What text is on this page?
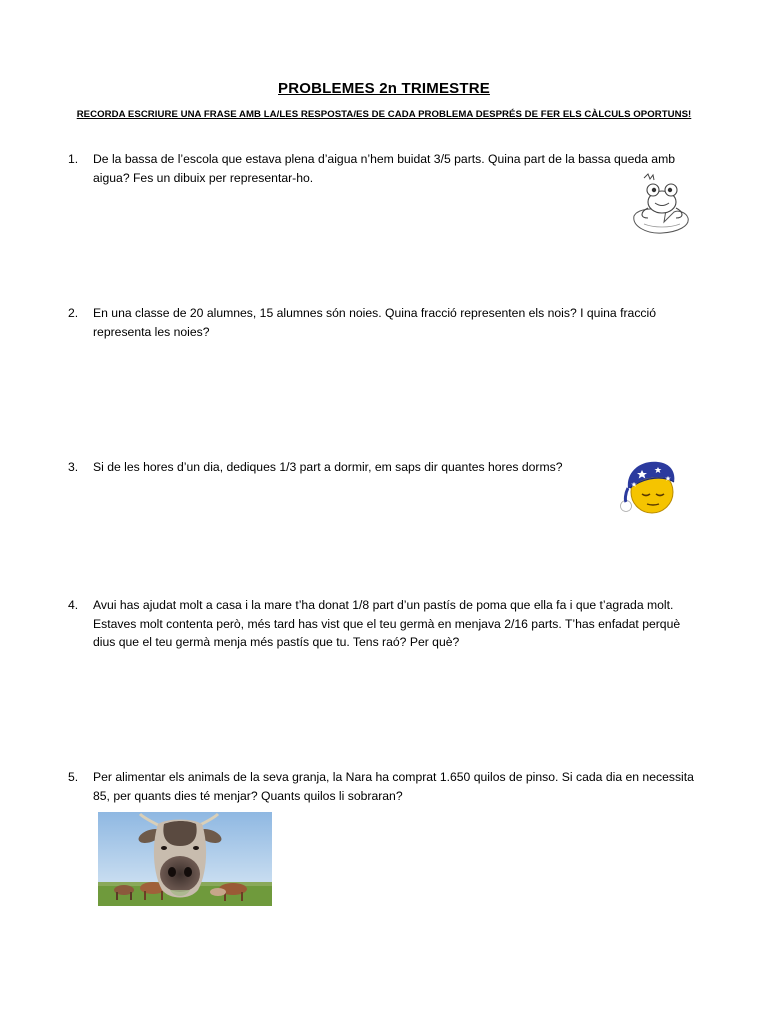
PROBLEMES 2n TRIMESTRE
RECORDA ESCRIURE UNA FRASE AMB LA/LES RESPOSTA/ES DE CADA PROBLEMA DESPRÉS DE FER ELS CÀLCULS OPORTUNS!
1.	De la bassa de l’escola que estava plena d’aigua n’hem buidat 3/5 parts. Quina part de la bassa queda amb
aigua? Fes un dibuix per representar-ho.
2.	En una classe de 20 alumnes, 15 alumnes són noies. Quina fracció representen els nois? I quina fracció
representa les noies?
3.	Si de les hores d’un dia, dediques 1/3 part a dormir, em saps dir quantes hores dorms?
4.	Avui has ajudat molt a casa i la mare t’ha donat 1/8 part d’un pastís de poma que ella fa i que t’agrada molt.
Estaves molt contenta però, més tard has vist que el teu germà en menjava 2/16 parts. T’has enfadat perquè
dius que el teu germà menja més pastís que tu. Tens raó? Per què?
5.	Per alimentar els animals de la seva granja, la Nara ha comprat 1.650 quilos de pinso. Si cada dia en necessita
85, per quants dies té menjar? Quants quilos li sobraran?
